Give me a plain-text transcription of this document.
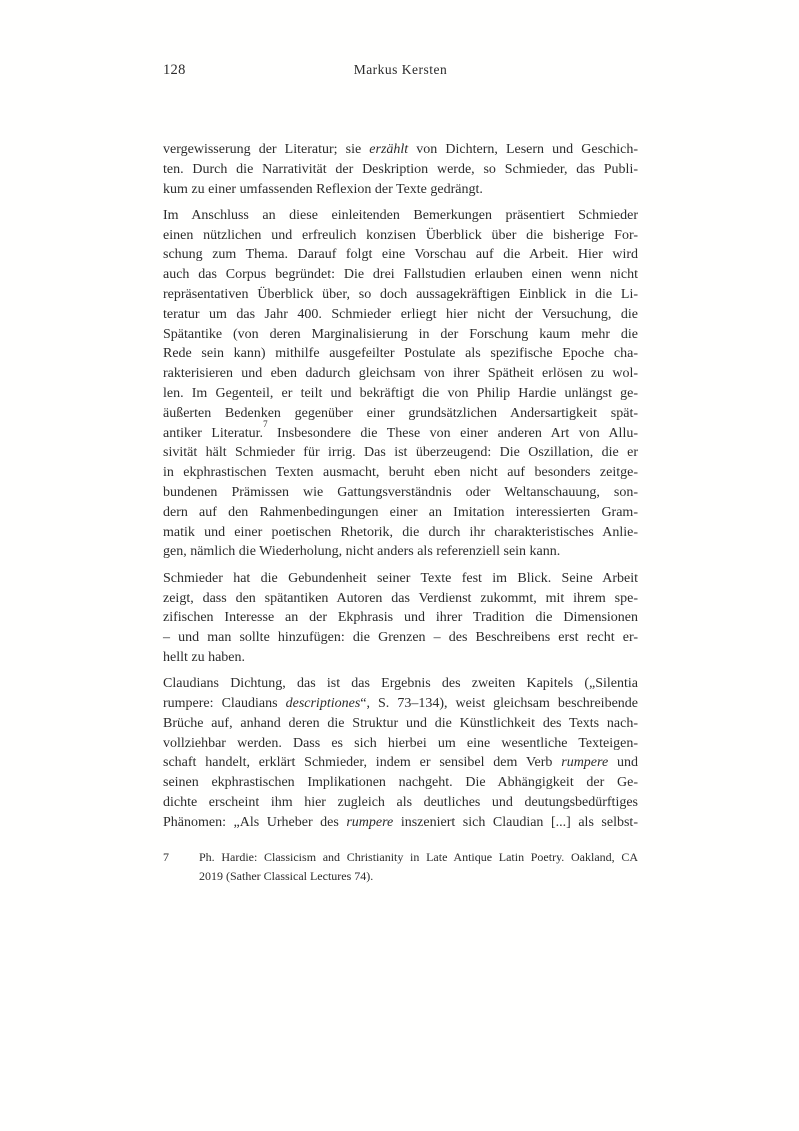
128	Markus Kersten
vergewisserung der Literatur; sie erzählt von Dichtern, Lesern und Geschich-
ten. Durch die Narrativität der Deskription werde, so Schmieder, das Publi-
kum zu einer umfassenden Reflexion der Texte gedrängt.
Im Anschluss an diese einleitenden Bemerkungen präsentiert Schmieder
einen nützlichen und erfreulich konzisen Überblick über die bisherige For-
schung zum Thema. Darauf folgt eine Vorschau auf die Arbeit. Hier wird
auch das Corpus begründet: Die drei Fallstudien erlauben einen wenn nicht
repräsentativen Überblick über, so doch aussagekräftigen Einblick in die Li-
teratur um das Jahr 400. Schmieder erliegt hier nicht der Versuchung, die
Spätantike (von deren Marginalisierung in der Forschung kaum mehr die
Rede sein kann) mithilfe ausgefeilter Postulate als spezifische Epoche cha-
rakterisieren und eben dadurch gleichsam von ihrer Spätheit erlösen zu wol-
len. Im Gegenteil, er teilt und bekräftigt die von Philip Hardie unlängst ge-
äußerten Bedenken gegenüber einer grundsätzlichen Andersartigkeit spät-
antiker Literatur.$^7$ Insbesondere die These von einer anderen Art von Allu-
sivität hält Schmieder für irrig. Das ist überzeugend: Die Oszillation, die er
in ekphrastischen Texten ausmacht, beruht eben nicht auf besonders zeitge-
bundenen Prämissen wie Gattungsverständnis oder Weltanschauung, son-
dern auf den Rahmenbedingungen einer an Imitation interessierten Gram-
matik und einer poetischen Rhetorik, die durch ihr charakteristisches Anlie-
gen, nämlich die Wiederholung, nicht anders als referenziell sein kann.
Schmieder hat die Gebundenheit seiner Texte fest im Blick. Seine Arbeit
zeigt, dass den spätantiken Autoren das Verdienst zukommt, mit ihrem spe-
zifischen Interesse an der Ekphrasis und ihrer Tradition die Dimensionen
– und man sollte hinzufügen: die Grenzen – des Beschreibens erst recht er-
hellt zu haben.
Claudians Dichtung, das ist das Ergebnis des zweiten Kapitels („Silentia
rumpere: Claudians descriptiones“, S. 73–134), weist gleichsam beschreibende
Brüche auf, anhand deren die Struktur und die Künstlichkeit des Texts nach-
vollziehbar werden. Dass es sich hierbei um eine wesentliche Texteigen-
schaft handelt, erklärt Schmieder, indem er sensibel dem Verb rumpere und
seinen ekphrastischen Implikationen nachgeht. Die Abhängigkeit der Ge-
dichte erscheint ihm hier zugleich als deutliches und deutungsbedürftiges
Phänomen: „Als Urheber des rumpere inszeniert sich Claudian [...] als selbst-
7	Ph. Hardie: Classicism and Christianity in Late Antique Latin Poetry. Oakland, CA
2019 (Sather Classical Lectures 74).
